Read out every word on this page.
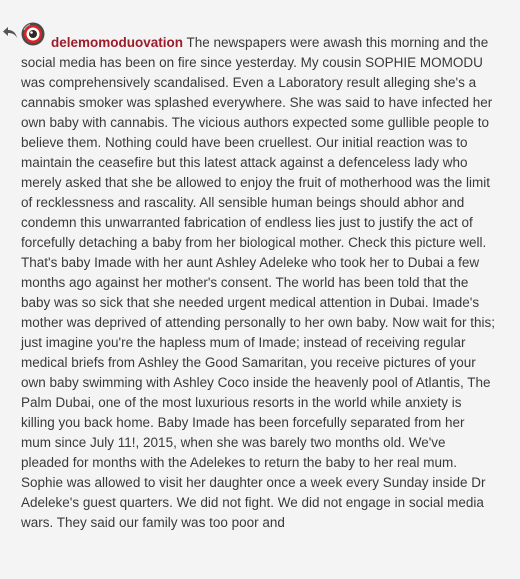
delemomoduovation The newspapers were awash this morning and the social media has been on fire since yesterday. My cousin SOPHIE MOMODU was comprehensively scandalised. Even a Laboratory result alleging she's a cannabis smoker was splashed everywhere. She was said to have infected her own baby with cannabis. The vicious authors expected some gullible people to believe them. Nothing could have been cruellest. Our initial reaction was to maintain the ceasefire but this latest attack against a defenceless lady who merely asked that she be allowed to enjoy the fruit of motherhood was the limit of recklessness and rascality. All sensible human beings should abhor and condemn this unwarranted fabrication of endless lies just to justify the act of forcefully detaching a baby from her biological mother. Check this picture well. That's baby Imade with her aunt Ashley Adeleke who took her to Dubai a few months ago against her mother's consent. The world has been told that the baby was so sick that she needed urgent medical attention in Dubai. Imade's mother was deprived of attending personally to her own baby. Now wait for this; just imagine you're the hapless mum of Imade; instead of receiving regular medical briefs from Ashley the Good Samaritan, you receive pictures of your own baby swimming with Ashley Coco inside the heavenly pool of Atlantis, The Palm Dubai, one of the most luxurious resorts in the world while anxiety is killing you back home. Baby Imade has been forcefully separated from her mum since July 11!, 2015, when she was barely two months old. We've pleaded for months with the Adelekes to return the baby to her real mum. Sophie was allowed to visit her daughter once a week every Sunday inside Dr Adeleke's guest quarters. We did not fight. We did not engage in social media wars. They said our family was too poor and
